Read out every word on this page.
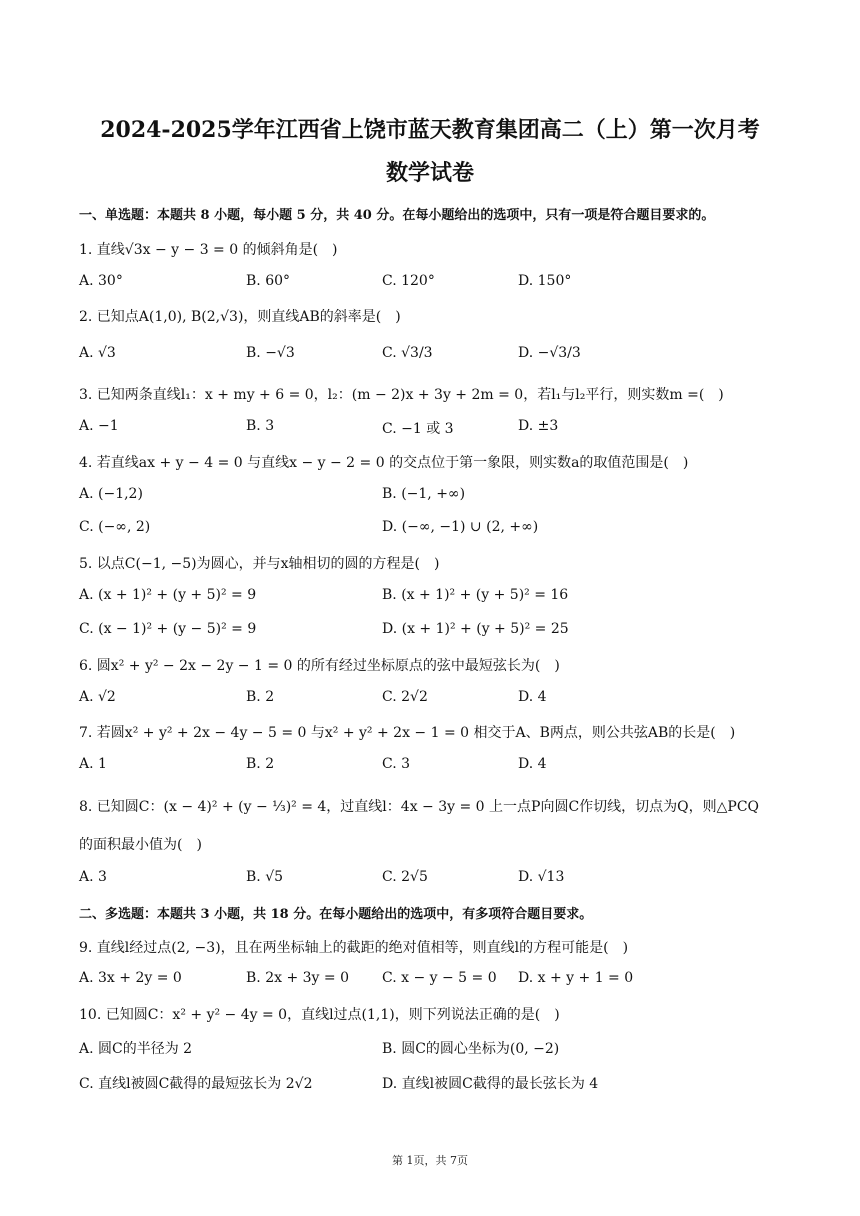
2024-2025学年江西省上饶市蓝天教育集团高二（上）第一次月考
数学试卷
一、单选题：本题共 8 小题，每小题 5 分，共 40 分。在每小题给出的选项中，只有一项是符合题目要求的。
1. 直线√3x − y − 3 = 0 的倾斜角是(　)
A. 30°	B. 60°	C. 120°	D. 150°
2. 已知点A(1,0), B(2,√3)，则直线AB的斜率是(　)
A. √3	B. −√3	C. √3/3	D. −√3/3
3. 已知两条直线l₁：x + my + 6 = 0，l₂：(m − 2)x + 3y + 2m = 0，若l₁与l₂平行，则实数m =(　)
A. −1	B. 3	C. −1 或 3	D. ±3
4. 若直线ax + y − 4 = 0 与直线x − y − 2 = 0 的交点位于第一象限，则实数a的取值范围是(　)
A. (−1,2)	B. (−1, +∞)
C. (−∞, 2)	D. (−∞, −1) ∪ (2, +∞)
5. 以点C(−1, −5)为圆心，并与x轴相切的圆的方程是(　)
A. (x + 1)² + (y + 5)² = 9	B. (x + 1)² + (y + 5)² = 16
C. (x − 1)² + (y − 5)² = 9	D. (x + 1)² + (y + 5)² = 25
6. 圆x² + y² − 2x − 2y − 1 = 0 的所有经过坐标原点的弦中最短弦长为(　)
A. √2	B. 2	C. 2√2	D. 4
7. 若圆x² + y² + 2x − 4y − 5 = 0 与x² + y² + 2x − 1 = 0 相交于A、B两点，则公共弦AB的长是(　)
A. 1	B. 2	C. 3	D. 4
8. 已知圆C：(x − 4)² + (y − ⅓)² = 4，过直线l：4x − 3y = 0 上一点P向圆C作切线，切点为Q，则△PCQ
的面积最小值为(　)
A. 3	B. √5	C. 2√5	D. √13
二、多选题：本题共 3 小题，共 18 分。在每小题给出的选项中，有多项符合题目要求。
9. 直线l经过点(2, −3)，且在两坐标轴上的截距的绝对值相等，则直线l的方程可能是(　)
A. 3x + 2y = 0	B. 2x + 3y = 0 C. x − y − 5 = 0 D. x + y + 1 = 0
10. 已知圆C：x² + y² − 4y = 0，直线l过点(1,1)，则下列说法正确的是(　)
A. 圆C的半径为 2	B. 圆C的圆心坐标为(0, −2)
C. 直线l被圆C截得的最短弦长为 2√2	D. 直线l被圆C截得的最长弦长为 4
第 1页，共 7页
